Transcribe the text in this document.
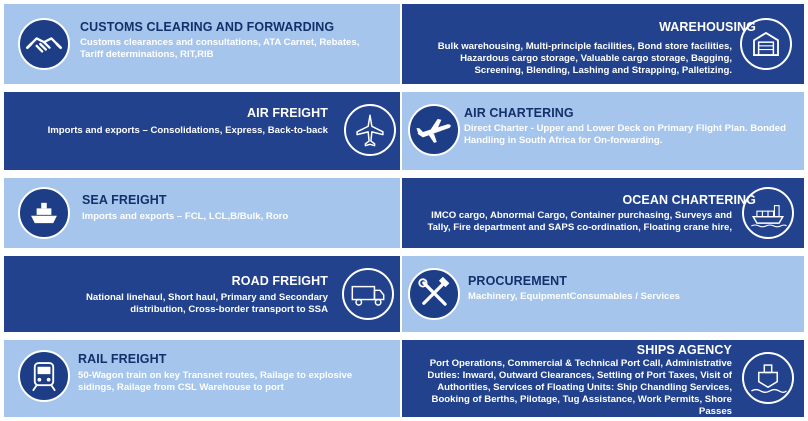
CUSTOMS CLEARING AND FORWARDING
Customs clearances and consultations, ATA Carnet, Rebates, Tariff determinations, RIT,RIB
WAREHOUSING
Bulk warehousing, Multi-principle facilities, Bond store facilities, Hazardous cargo storage, Valuable cargo storage, Bagging, Screening, Blending, Lashing and Strapping, Palletizing.
AIR FREIGHT
Imports and exports – Consolidations, Express, Back-to-back
AIR CHARTERING
Direct Charter - Upper and Lower Deck on Primary Flight Plan. Bonded Handling in South Africa for On-forwarding.
SEA FREIGHT
Imports and exports – FCL, LCL,B/Bulk, Roro
OCEAN CHARTERING
IMCO cargo, Abnormal Cargo, Container purchasing, Surveys and Tally, Fire department and SAPS co-ordination, Floating crane hire,
ROAD FREIGHT
National linehaul, Short haul, Primary and Secondary distribution, Cross-border transport to SSA
PROCUREMENT
Machinery, EquipmentConsumables / Services
RAIL FREIGHT
50-Wagon train on key Transnet routes, Railage to explosive sidings, Railage from CSL Warehouse to port
SHIPS AGENCY
Port Operations, Commercial & Technical Port Call, Administrative Duties: Inward, Outward Clearances, Settling of Port Taxes, Visit of Authorities, Services of Floating Units: Ship Chandling Services, Booking of Berths, Pilotage, Tug Assistance, Work Permits, Shore Passes
